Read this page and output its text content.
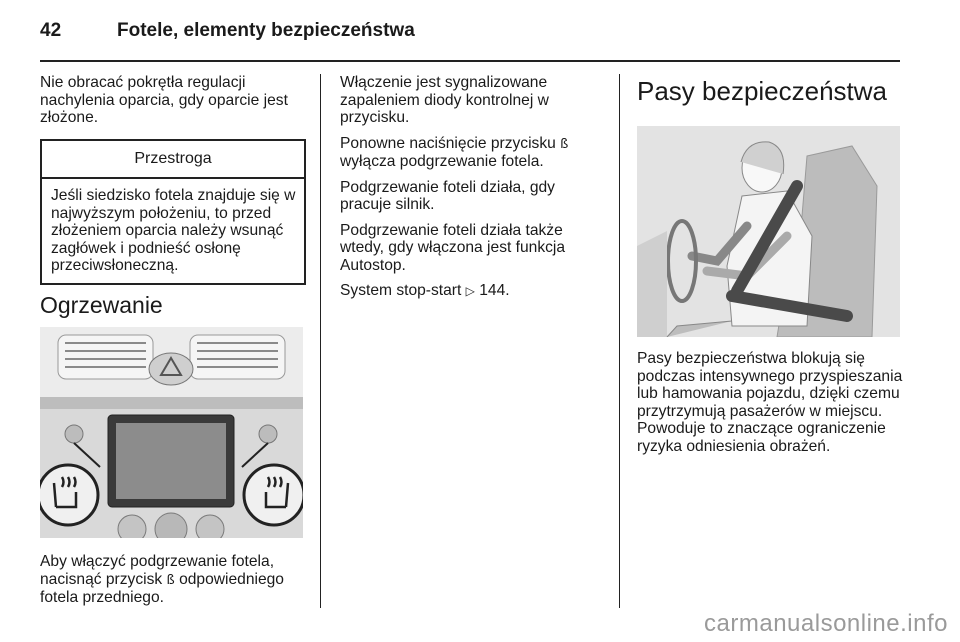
42	Fotele, elementy bezpieczeństwa

Nie obracać pokrętła regulacji nachylenia oparcia, gdy oparcie jest złożone.

Przestroga
Jeśli siedzisko fotela znajduje się w najwyższym położeniu, to przed złożeniem oparcia należy wsunąć zagłówek i podnieść osłonę przeciwsłoneczną.
Ogrzewanie
Aby włączyć podgrzewanie fotela, nacisnąć przycisk ß odpowiedniego fotela przedniego.

Włączenie jest sygnalizowane zapaleniem diody kontrolnej w przycisku.

Ponowne naciśnięcie przycisku ß wyłącza podgrzewanie fotela.

Podgrzewanie foteli działa, gdy pracuje silnik.

Podgrzewanie foteli działa także wtedy, gdy włączona jest funkcja Autostop.

System stop-start ▷ 144.

Pasy bezpieczeństwa
Pasy bezpieczeństwa blokują się podczas intensywnego przyspieszania lub hamowania pojazdu, dzięki czemu przytrzymują pasażerów w miejscu. Powoduje to znaczące ograniczenie ryzyka odniesienia obrażeń.
carmanualsonline.info
